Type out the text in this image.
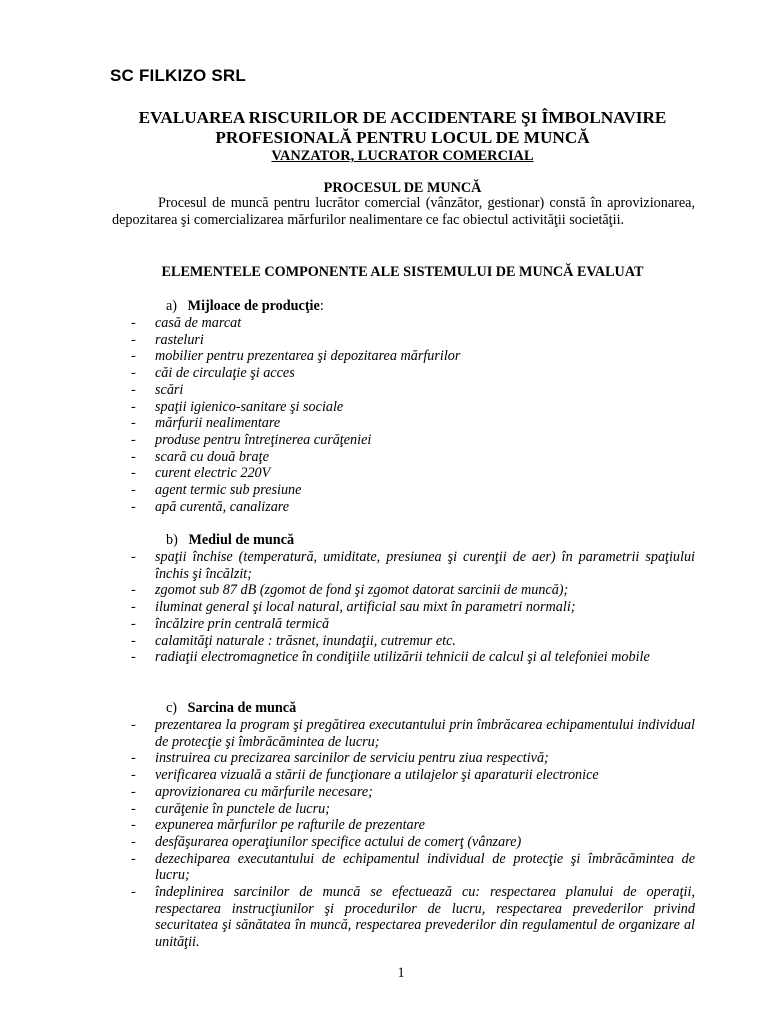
SC FILKIZO SRL
EVALUAREA RISCURILOR DE ACCIDENTARE ŞI ÎMBOLNAVIRE
PROFESIONALĂ PENTRU LOCUL DE MUNCĂ
VANZATOR, LUCRATOR COMERCIAL
PROCESUL DE MUNCĂ
Procesul de muncă pentru lucrător comercial (vânzător, gestionar) constă în aprovizionarea, depozitarea şi comercializarea mărfurilor nealimentare ce fac obiectul activităţii societăţii.
ELEMENTELE COMPONENTE ALE SISTEMULUI DE MUNCĂ EVALUAT
a) Mijloace de producţie:
- casă de marcat
- rasteluri
- mobilier pentru prezentarea şi depozitarea mărfurilor
- căi de circulaţie şi acces
- scări
- spaţii igienico-sanitare şi sociale
- mărfurii nealimentare
- produse pentru întreţinerea curăţeniei
- scară cu două braţe
- curent electric 220V
- agent termic sub presiune
- apă curentă, canalizare
b) Mediul de muncă
- spaţii închise (temperatură, umiditate, presiunea şi curenţii de aer) în parametrii spaţiului închis şi încălzit;
- zgomot sub 87 dB (zgomot de fond şi zgomot datorat sarcinii de muncă);
- iluminat general şi local natural, artificial sau mixt în parametri normali;
- încălzire prin centrală termică
- calamităţi naturale : trăsnet, inundaţii, cutremur etc.
- radiaţii electromagnetice în condiţiile utilizării tehnicii de calcul şi al telefoniei mobile
c) Sarcina de muncă
- prezentarea la program şi pregătirea executantului prin îmbrăcarea echipamentului individual de protecţie şi îmbrăcămintea de lucru;
- instruirea cu precizarea sarcinilor de serviciu pentru ziua respectivă;
- verificarea vizuală a stării de funcţionare a utilajelor şi aparaturii electronice
- aprovizionarea cu mărfurile necesare;
- curăţenie în punctele de lucru;
- expunerea mărfurilor pe rafturile de prezentare
- desfăşurarea operaţiunilor specifice actului de comerţ (vânzare)
- dezechiparea executantului de echipamentul individual de protecţie şi îmbrăcămintea de lucru;
- îndeplinirea sarcinilor de muncă se efectuează cu: respectarea planului de operaţii, respectarea instrucţiunilor şi procedurilor de lucru, respectarea prevederilor privind securitatea şi sănătatea în muncă, respectarea prevederilor din regulamentul de organizare al unităţii.
1
